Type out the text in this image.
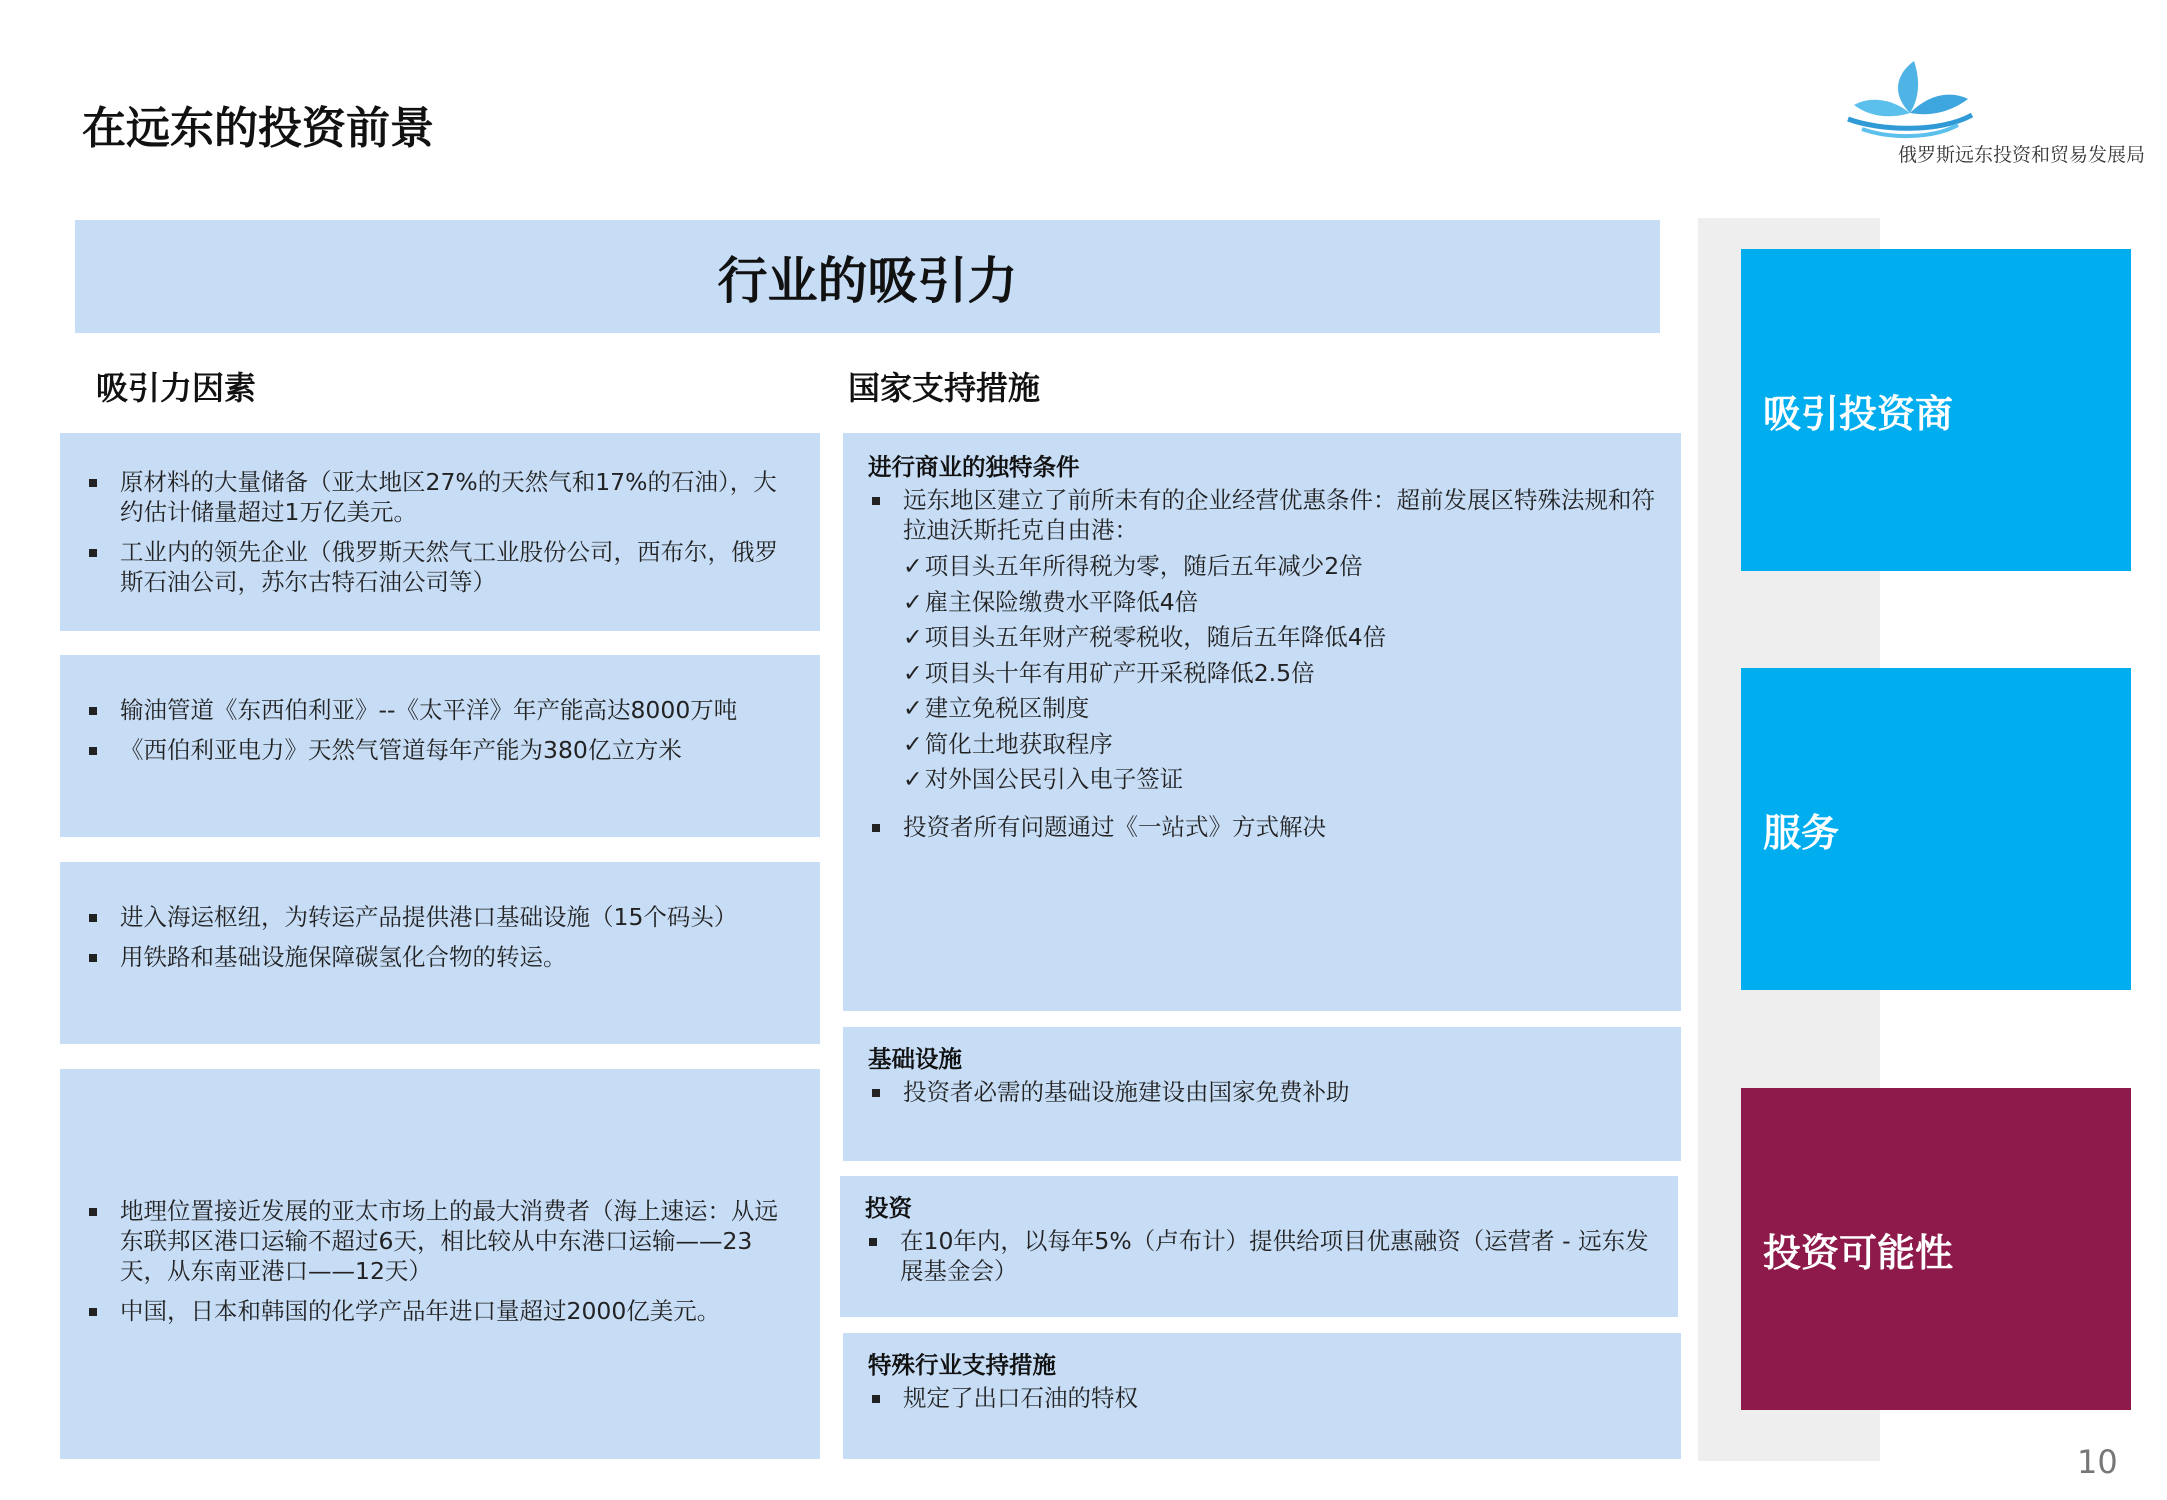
在远东的投资前景
俄罗斯远东投资和贸易发展局
行业的吸引力
吸引力因素
原材料的大量储备（亚太地区27%的天然气和17%的石油），大约估计储量超过1万亿美元。
工业内的领先企业（俄罗斯天然气工业股份公司，西布尔，俄罗斯石油公司，苏尔古特石油公司等）
输油管道《东西伯利亚》--《太平洋》年产能高达8000万吨
《西伯利亚电力》天然气管道每年产能为380亿立方米
进入海运枢纽，为转运产品提供港口基础设施（15个码头）
用铁路和基础设施保障碳氢化合物的转运。
地理位置接近发展的亚太市场上的最大消费者（海上速运：从远东联邦区港口运输不超过6天，相比较从中东港口运输——23天，从东南亚港口——12天）
中国，日本和韩国的化学产品年进口量超过2000亿美元。
国家支持措施
进行商业的独特条件
远东地区建立了前所未有的企业经营优惠条件：超前发展区特殊法规和符拉迪沃斯托克自由港：
✓ 项目头五年所得税为零，随后五年减少2倍
✓ 雇主保险缴费水平降低4倍
✓ 项目头五年财产税零税收，随后五年降低4倍
✓ 项目头十年有用矿产开采税降低2.5倍
✓ 建立免税区制度
✓ 简化土地获取程序
✓ 对外国公民引入电子签证
投资者所有问题通过《一站式》方式解决
基础设施
投资者必需的基础设施建设由国家免费补助
投资
在10年内，以每年5%（卢布计）提供给项目优惠融资（运营者 - 远东发展基金会）
特殊行业支持措施
规定了出口石油的特权
吸引投资商
服务
投资可能性
10
